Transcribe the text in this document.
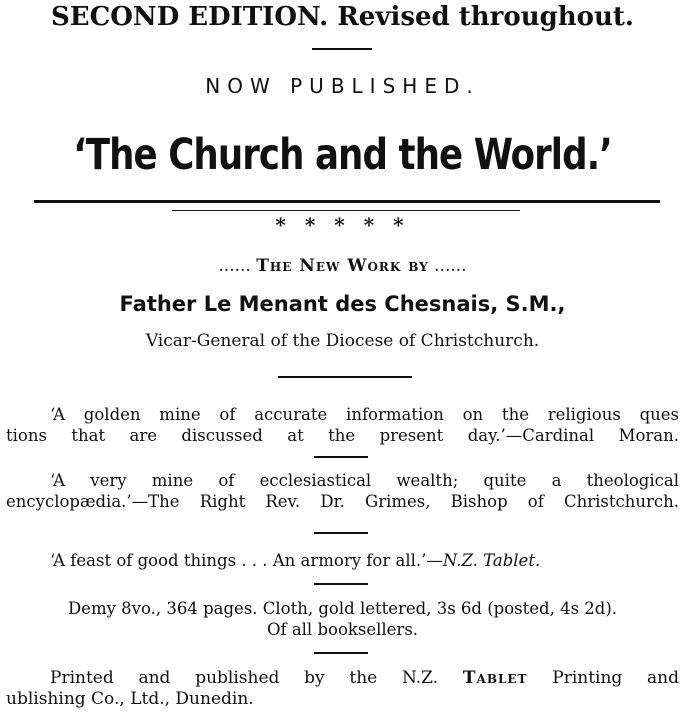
SECOND EDITION. Revised throughout.
NOW PUBLISHED.
‘The Church and the World.’
* * * * *
...... The New Work by ......
Father Le Menant des Chesnais, S.M.,
Vicar-General of the Diocese of Christchurch.
‘A golden mine of accurate information on the religious ques
tions that are discussed at the present day.’—Cardinal Moran.
‘A very mine of ecclesiastical wealth; quite a theological
encyclopædia.’—The Right Rev. Dr. Grimes, Bishop of Christchurch.
‘A feast of good things . . . An armory for all.’—N.Z. Tablet.
Demy 8vo., 364 pages. Cloth, gold lettered, 3s 6d (posted, 4s 2d).
Of all booksellers.
Printed and published by the N.Z. Tablet Printing and
ublishing Co., Ltd., Dunedin.
